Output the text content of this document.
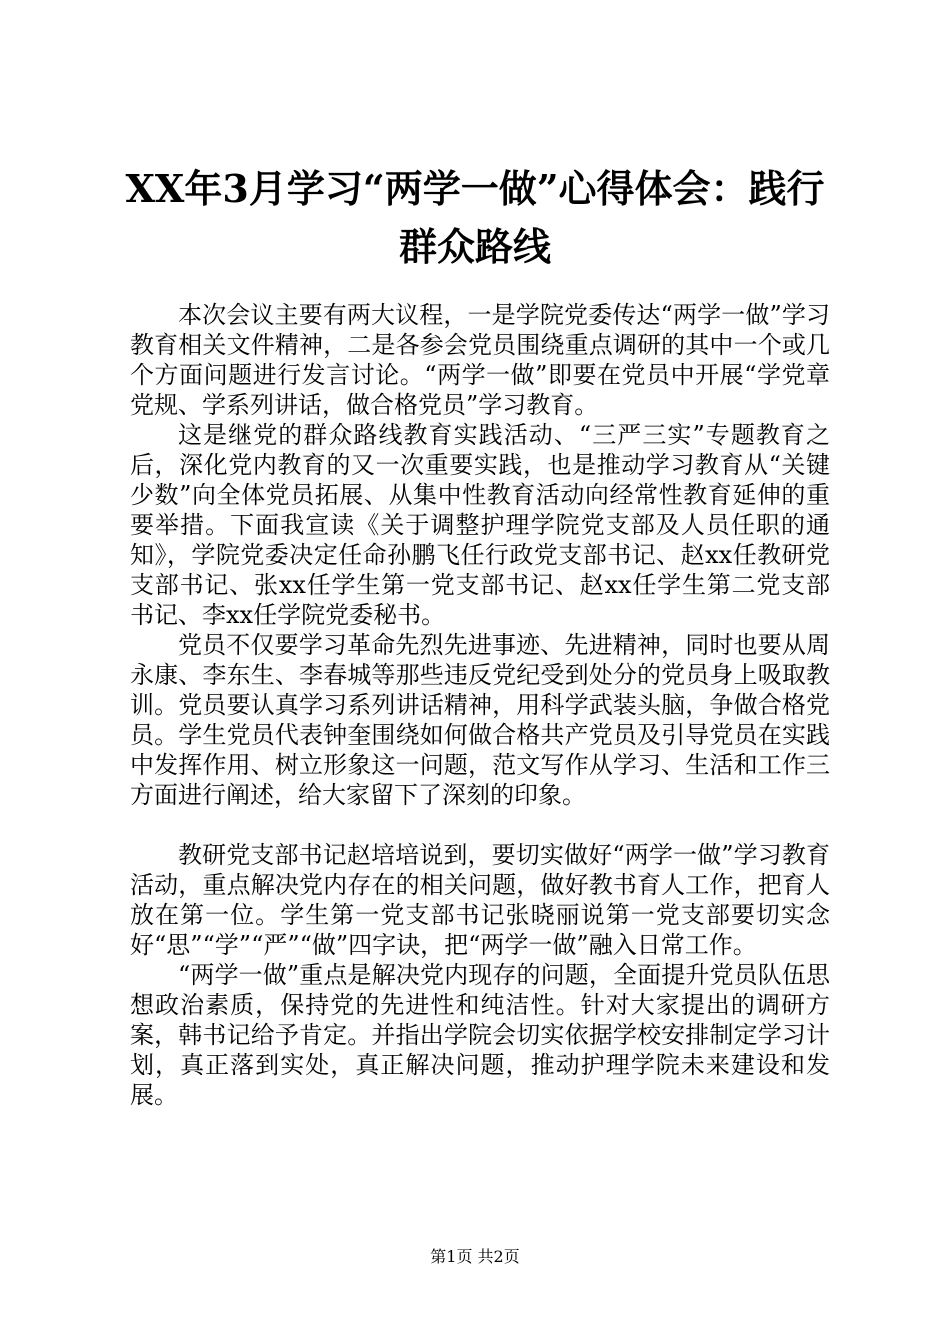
XX年3月学习“两学一做”心得体会：践行群众路线

本次会议主要有两大议程，一是学院党委传达“两学一做”学习教育相关文件精神，二是各参会党员围绕重点调研的其中一个或几个方面问题进行发言讨论。“两学一做”即要在党员中开展“学党章党规、学系列讲话，做合格党员”学习教育。

这是继党的群众路线教育实践活动、“三严三实”专题教育之后，深化党内教育的又一次重要实践，也是推动学习教育从“关键少数”向全体党员拓展、从集中性教育活动向经常性教育延伸的重要举措。下面我宣读《关于调整护理学院党支部及人员任职的通知》，学院党委决定任命孙鹏飞任行政党支部书记、赵xx任教研党支部书记、张xx任学生第一党支部书记、赵xx任学生第二党支部书记、李xx任学院党委秘书。

党员不仅要学习革命先烈先进事迹、先进精神，同时也要从周永康、李东生、李春城等那些违反党纪受到处分的党员身上吸取教训。党员要认真学习系列讲话精神，用科学武装头脑，争做合格党员。学生党员代表钟奎围绕如何做合格共产党员及引导党员在实践中发挥作用、树立形象这一问题，范文写作从学习、生活和工作三方面进行阐述，给大家留下了深刻的印象。

教研党支部书记赵培培说到，要切实做好“两学一做”学习教育活动，重点解决党内存在的相关问题，做好教书育人工作，把育人放在第一位。学生第一党支部书记张晓丽说第一党支部要切实念好“思”“学”“严”“做”四字诀，把“两学一做”融入日常工作。

“两学一做”重点是解决党内现存的问题，全面提升党员队伍思想政治素质，保持党的先进性和纯洁性。针对大家提出的调研方案，韩书记给予肯定。并指出学院会切实依据学校安排制定学习计划，真正落到实处，真正解决问题，推动护理学院未来建设和发展。

第1页 共2页
